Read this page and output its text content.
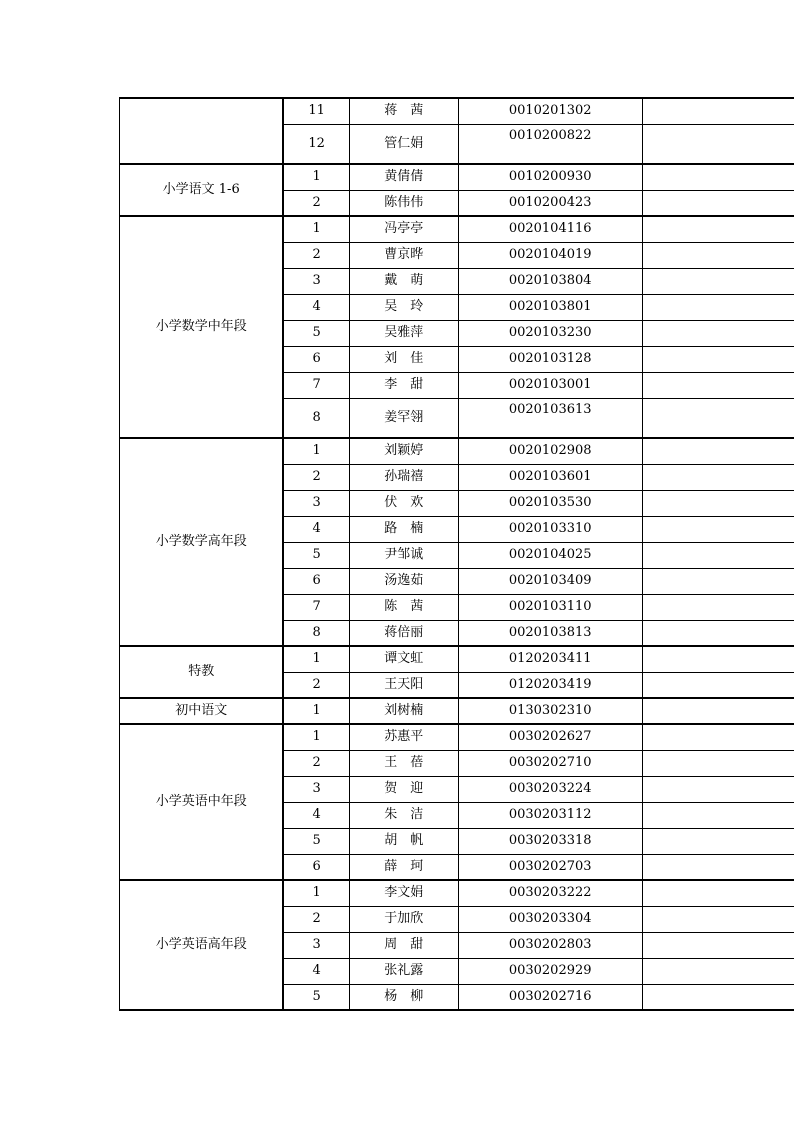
	11	蒋　茜	0010201302	
	12	管仁娟	0010200822	
小学语文 1-6	1	黄倩倩	0010200930	
	2	陈伟伟	0010200423	
小学数学中年段	1	冯亭亭	0020104116	
	2	曹京晔	0020104019	
	3	戴　萌	0020103804	
	4	吴　玲	0020103801	
	5	吴雅萍	0020103230	
	6	刘　佳	0020103128	
	7	李　甜	0020103001	
	8	姜罕翎	0020103613	
小学数学高年段	1	刘颖婷	0020102908	
	2	孙瑞禧	0020103601	
	3	伏　欢	0020103530	
	4	路　楠	0020103310	
	5	尹邹诚	0020104025	
	6	汤逸茹	0020103409	
	7	陈　茜	0020103110	
	8	蒋倍丽	0020103813	
特教	1	谭文虹	0120203411	
	2	王天阳	0120203419	
初中语文	1	刘树楠	0130302310	
小学英语中年段	1	苏惠平	0030202627	
	2	王　蓓	0030202710	
	3	贺　迎	0030203224	
	4	朱　洁	0030203112	
	5	胡　帆	0030203318	
	6	薛　珂	0030202703	
小学英语高年段	1	李文娟	0030203222	
	2	于加欣	0030203304	
	3	周　甜	0030202803	
	4	张礼露	0030202929	
	5	杨　柳	0030202716	
